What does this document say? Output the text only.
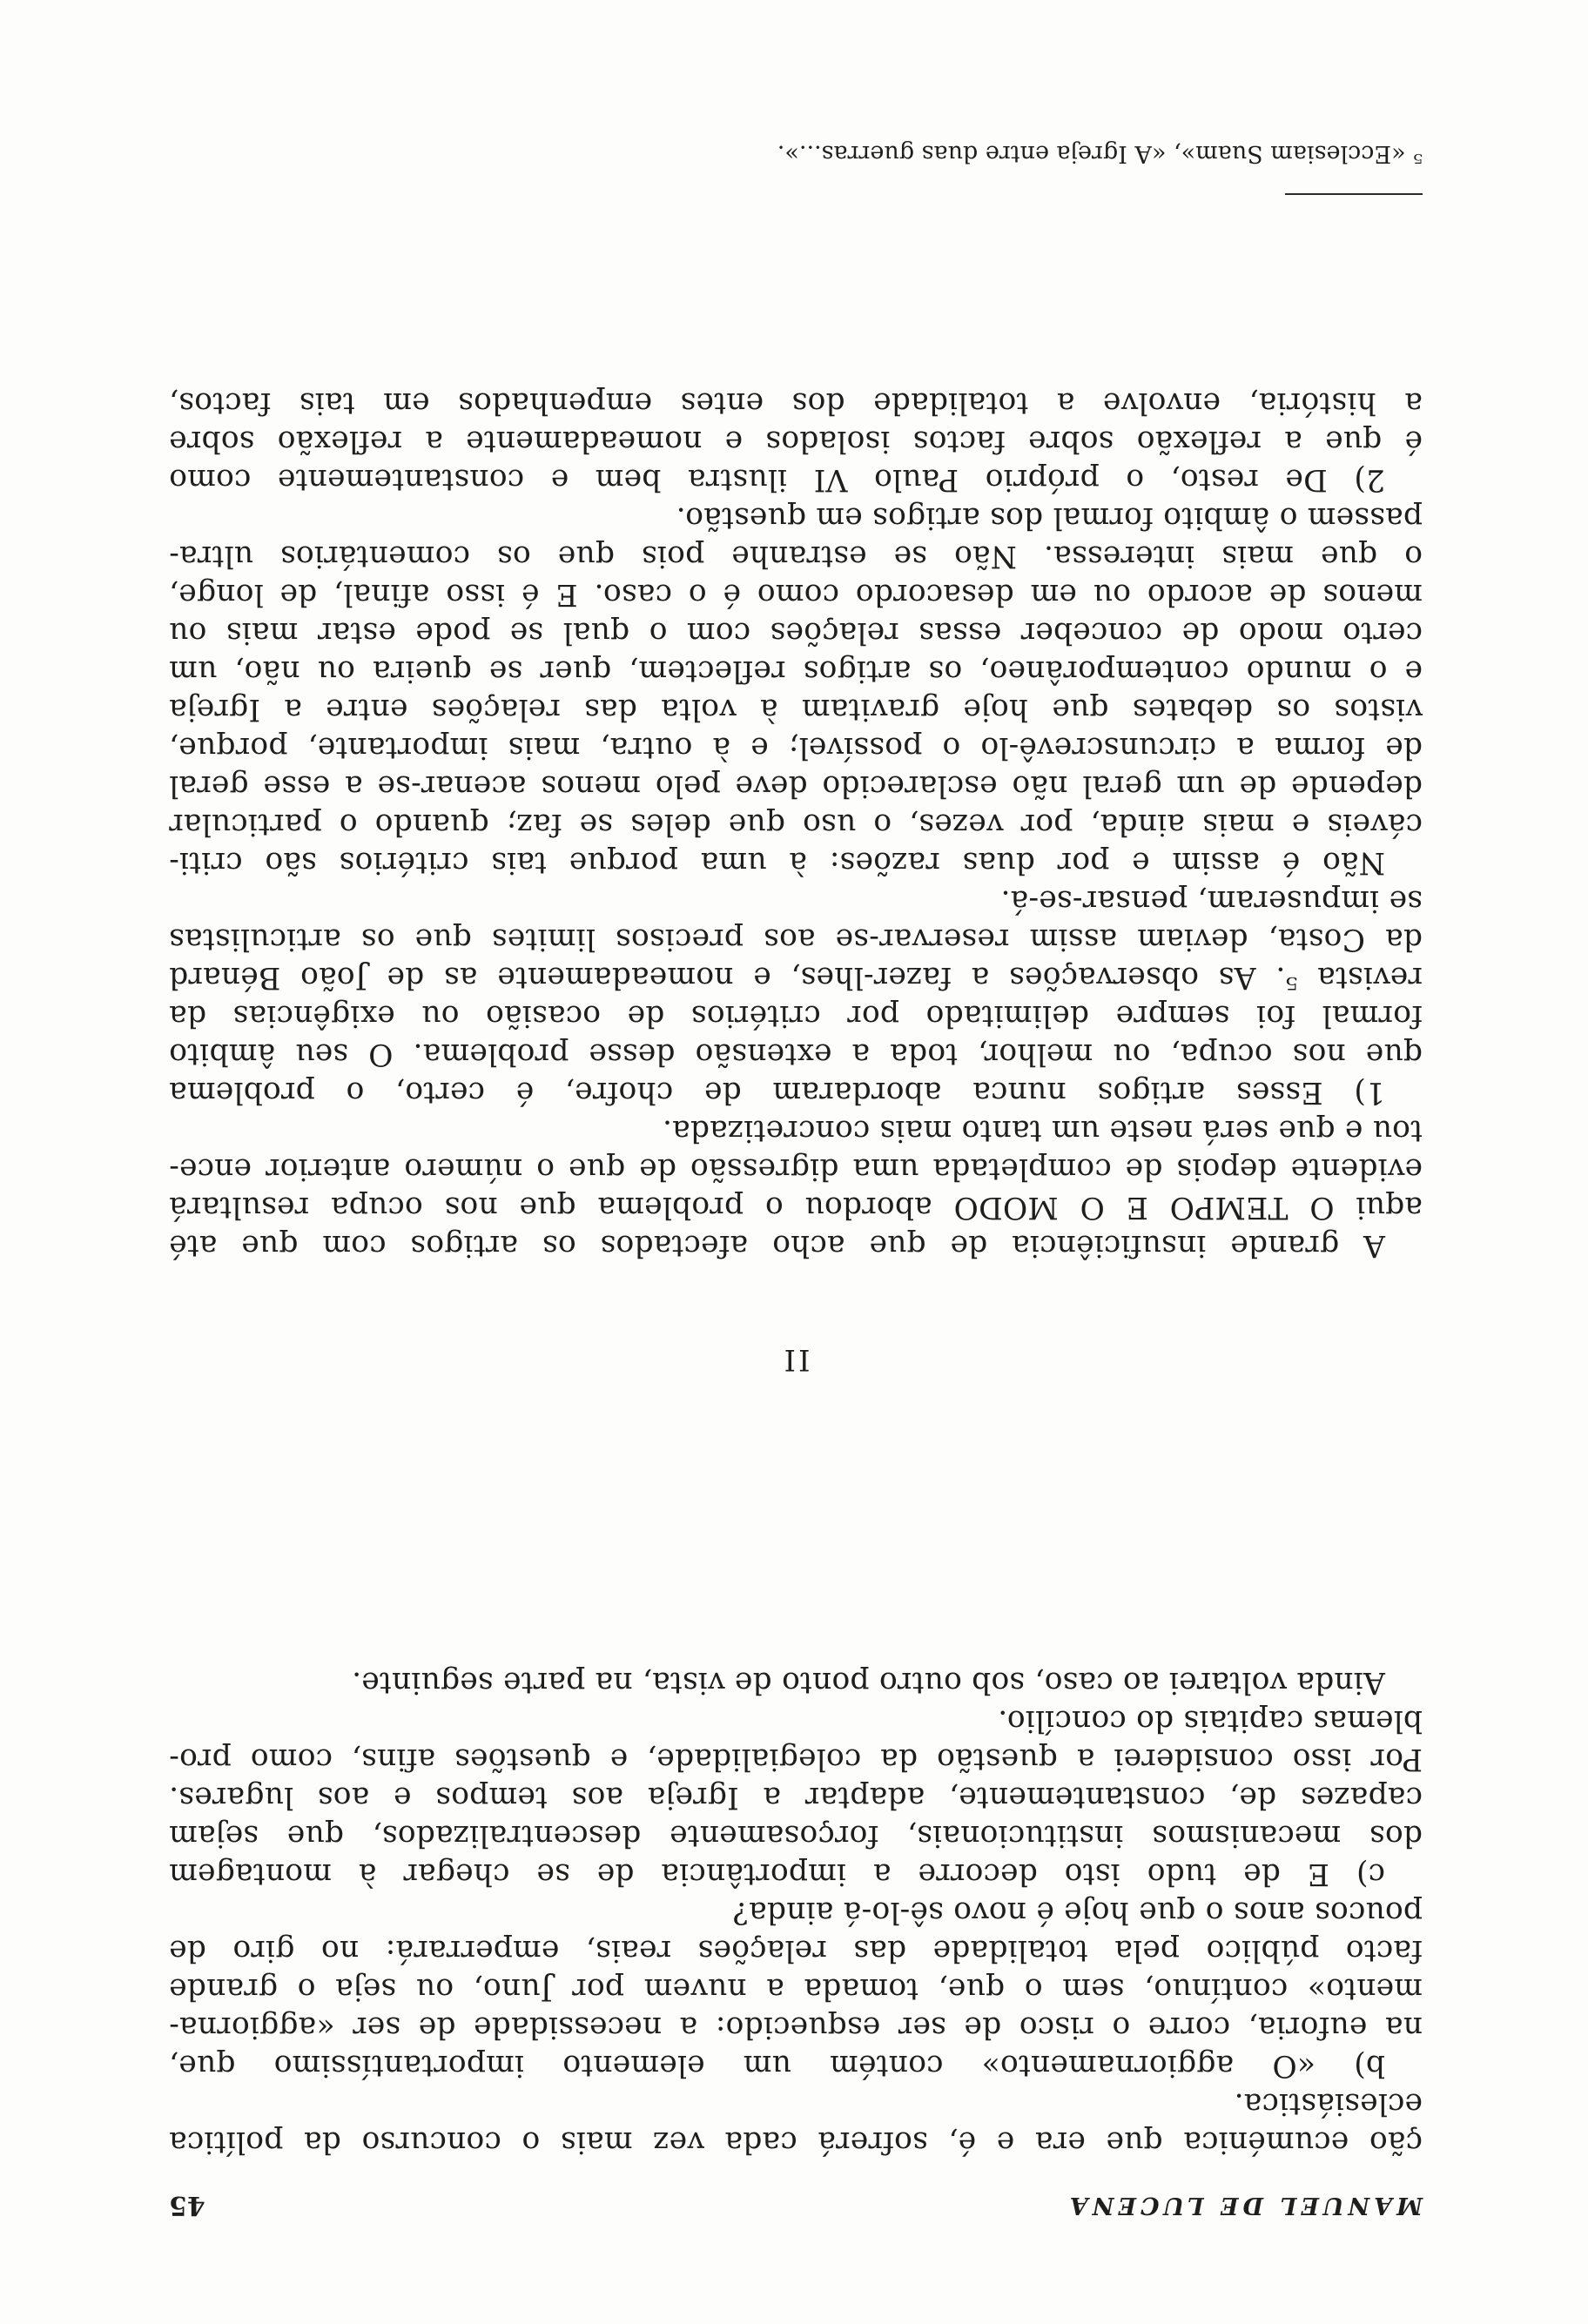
MANUEL DE LUCENA
45
ção ecuménica que era e é, sofrerá cada vez mais o concurso da política
eclesiástica.
b) «O aggiornamento» contém um elemento importantíssimo que,
na euforia, corre o risco de ser esquecido: a necessidade de ser «aggiorna-
mento» contínuo, sem o que, tomada a nuvem por Juno, ou seja o grande
facto público pela totalidade das relações reais, emperrará: no giro de
poucos anos o que hoje é novo sê-lo-á ainda?
c) E de tudo isto decorre a importância de se chegar à montagem
dos mecanismos institucionais, forçosamente descentralizados, que sejam
capazes de, constantemente, adaptar a Igreja aos tempos e aos lugares.
Por isso considerei a questão da colegialidade, e questões afins, como pro-
blemas capitais do concílio.
Ainda voltarei ao caso, sob outro ponto de vista, na parte seguinte.
II
A grande insuficiência de que acho afectados os artigos com que até
aqui O TEMPO E O MODO abordou o problema que nos ocupa resultará
evidente depois de completada uma digressão de que o número anterior ence-
tou e que será neste um tanto mais concretizada.
1) Esses artigos nunca abordaram de chofre, é certo, o problema
que nos ocupa, ou melhor, toda a extensão desse problema. O seu âmbito
formal foi sempre delimitado por critérios de ocasião ou exigências da
revista ⁵. As observações a fazer-lhes, e nomeadamente as de João Bénard
da Costa, deviam assim reservar-se aos precisos limites que os articulistas
se impuseram, pensar-se-á.
Não é assim e por duas razões: à uma porque tais critérios são criti-
cáveis e mais ainda, por vezes, o uso que deles se faz; quando o particular
depende de um geral não esclarecido deve pelo menos acenar-se a esse geral
de forma a circunscrevê-lo o possível; e à outra, mais importante, porque,
vistos os debates que hoje gravitam à volta das relações entre a Igreja
e o mundo contemporâneo, os artigos reflectem, quer se queira ou não, um
certo modo de conceber essas relações com o qual se pode estar mais ou
menos de acordo ou em desacordo como é o caso. E é isso afinal, de longe,
o que mais interessa. Não se estranhe pois que os comentários ultra-
passem o âmbito formal dos artigos em questão.
2) De resto, o próprio Paulo VI ilustra bem e constantemente como
é que a reflexão sobre factos isolados e nomeadamente a reflexão sobre
a história, envolve a totalidade dos entes empenhados em tais factos,
⁵ «Ecclesiam Suam», «A Igreja entre duas guerras...».
